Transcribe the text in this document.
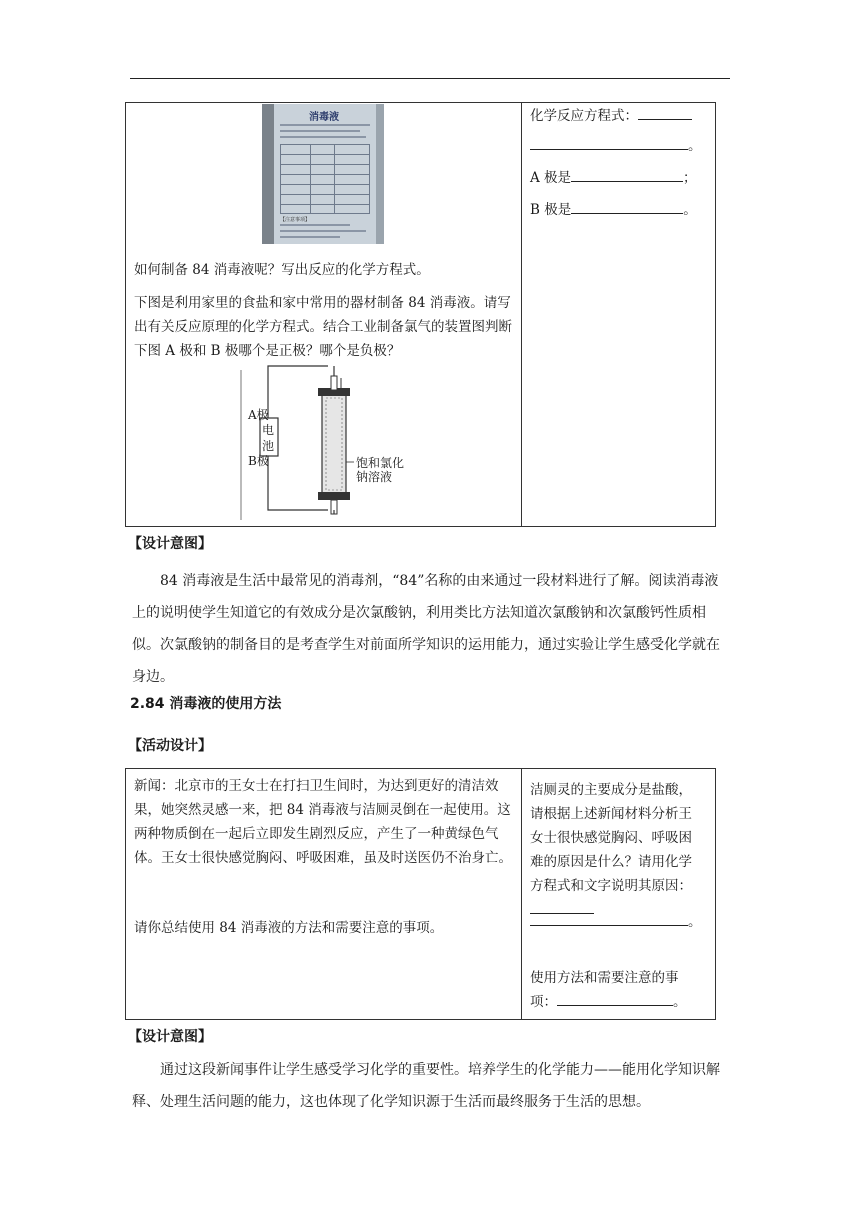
消毒液
【注意事项】

如何制备 84 消毒液呢？写出反应的化学方程式。

下图是利用家里的食盐和家中常用的器材制备 84 消毒液。请写出有关反应原理的化学方程式。结合工业制备氯气的装置图判断下图 A 极和 B 极哪个是正极？哪个是负极？

A极
电池
B极	饱和氯化
钠溶液
化学反应方程式：
。
A 极是	；
B 极是	。
【设计意图】

84 消毒液是生活中最常见的消毒剂，“84”名称的由来通过一段材料进行了解。阅读消毒液上的说明使学生知道它的有效成分是次氯酸钠，利用类比方法知道次氯酸钠和次氯酸钙性质相似。次氯酸钠的制备目的是考查学生对前面所学知识的运用能力，通过实验让学生感受化学就在身边。

2.84 消毒液的使用方法
【活动设计】

新闻：北京市的王女士在打扫卫生间时，为达到更好的清洁效果，她突然灵感一来，把 84 消毒液与洁厕灵倒在一起使用。这两种物质倒在一起后立即发生剧烈反应，产生了一种黄绿色气体。王女士很快感觉胸闷、呼吸困难，虽及时送医仍不治身亡。

请你总结使用 84 消毒液的方法和需要注意的事项。

洁厕灵的主要成分是盐酸，请根据上述新闻材料分析王女士很快感觉胸闷、呼吸困难的原因是什么？请用化学方程式和文字说明其原因：
。
使用方法和需要注意的事项：	。
【设计意图】

通过这段新闻事件让学生感受学习化学的重要性。培养学生的化学能力——能用化学知识解释、处理生活问题的能力，这也体现了化学知识源于生活而最终服务于生活的思想。
